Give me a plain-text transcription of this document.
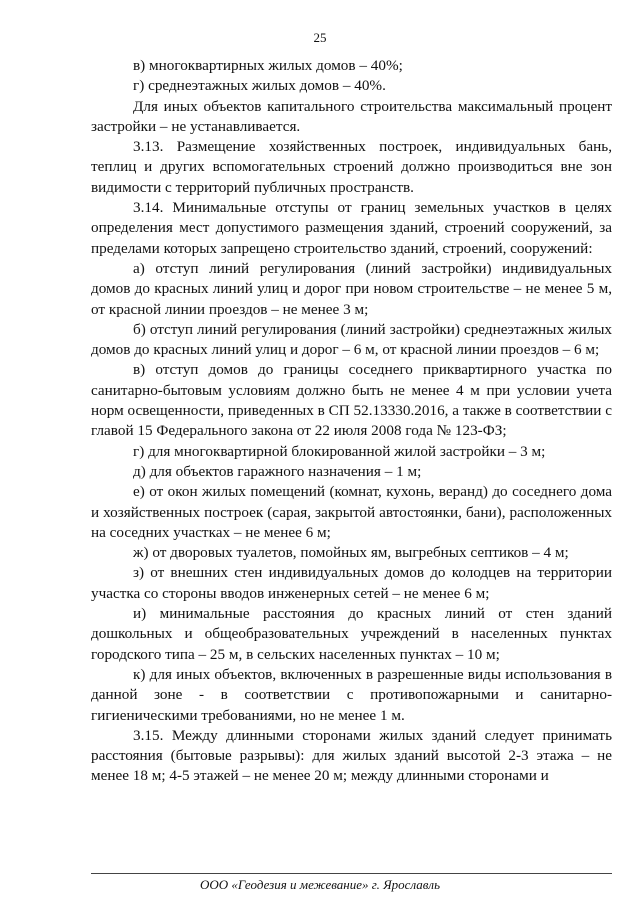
25

в) многоквартирных жилых домов – 40%;

г) среднеэтажных жилых домов – 40%.

Для иных объектов капитального строительства максимальный процент застройки – не устанавливается.

3.13. Размещение хозяйственных построек, индивидуальных бань, теплиц и других вспомогательных строений должно производиться вне зон видимости с территорий публичных пространств.

3.14. Минимальные отступы от границ земельных участков в целях определения мест допустимого размещения зданий, строений сооружений, за пределами которых запрещено строительство зданий, строений, сооружений:

а) отступ линий регулирования (линий застройки) индивидуальных домов до красных линий улиц и дорог при новом строительстве – не менее 5 м, от красной линии проездов – не менее 3 м;

б) отступ линий регулирования (линий застройки) среднеэтажных жилых домов до красных линий улиц и дорог – 6 м, от красной линии проездов – 6 м;

в) отступ домов до границы соседнего приквартирного участка по санитарно-бытовым условиям должно быть не менее 4 м при условии учета норм освещенности, приведенных в СП 52.13330.2016, а также в соответствии с главой 15 Федерального закона от 22 июля 2008 года № 123-ФЗ;

г) для многоквартирной блокированной жилой застройки – 3 м;

д) для объектов гаражного назначения – 1 м;

е) от окон жилых помещений (комнат, кухонь, веранд) до соседнего дома и хозяйственных построек (сарая, закрытой автостоянки, бани), расположенных на соседних участках – не менее 6 м;

ж) от дворовых туалетов, помойных ям, выгребных септиков – 4 м;

з) от внешних стен индивидуальных домов до колодцев на территории участка со стороны вводов инженерных сетей – не менее 6 м;

и) минимальные расстояния до красных линий от стен зданий дошкольных и общеобразовательных учреждений в населенных пунктах городского типа – 25 м, в сельских населенных пунктах – 10 м;

к) для иных объектов, включенных в разрешенные виды использования в данной зоне - в соответствии с противопожарными и санитарно-гигиеническими требованиями, но не менее 1 м.

3.15. Между длинными сторонами жилых зданий следует принимать расстояния (бытовые разрывы): для жилых зданий высотой 2-3 этажа – не менее 18 м; 4-5 этажей – не менее 20 м; между длинными сторонами и

ООО «Геодезия и межевание» г. Ярославль
